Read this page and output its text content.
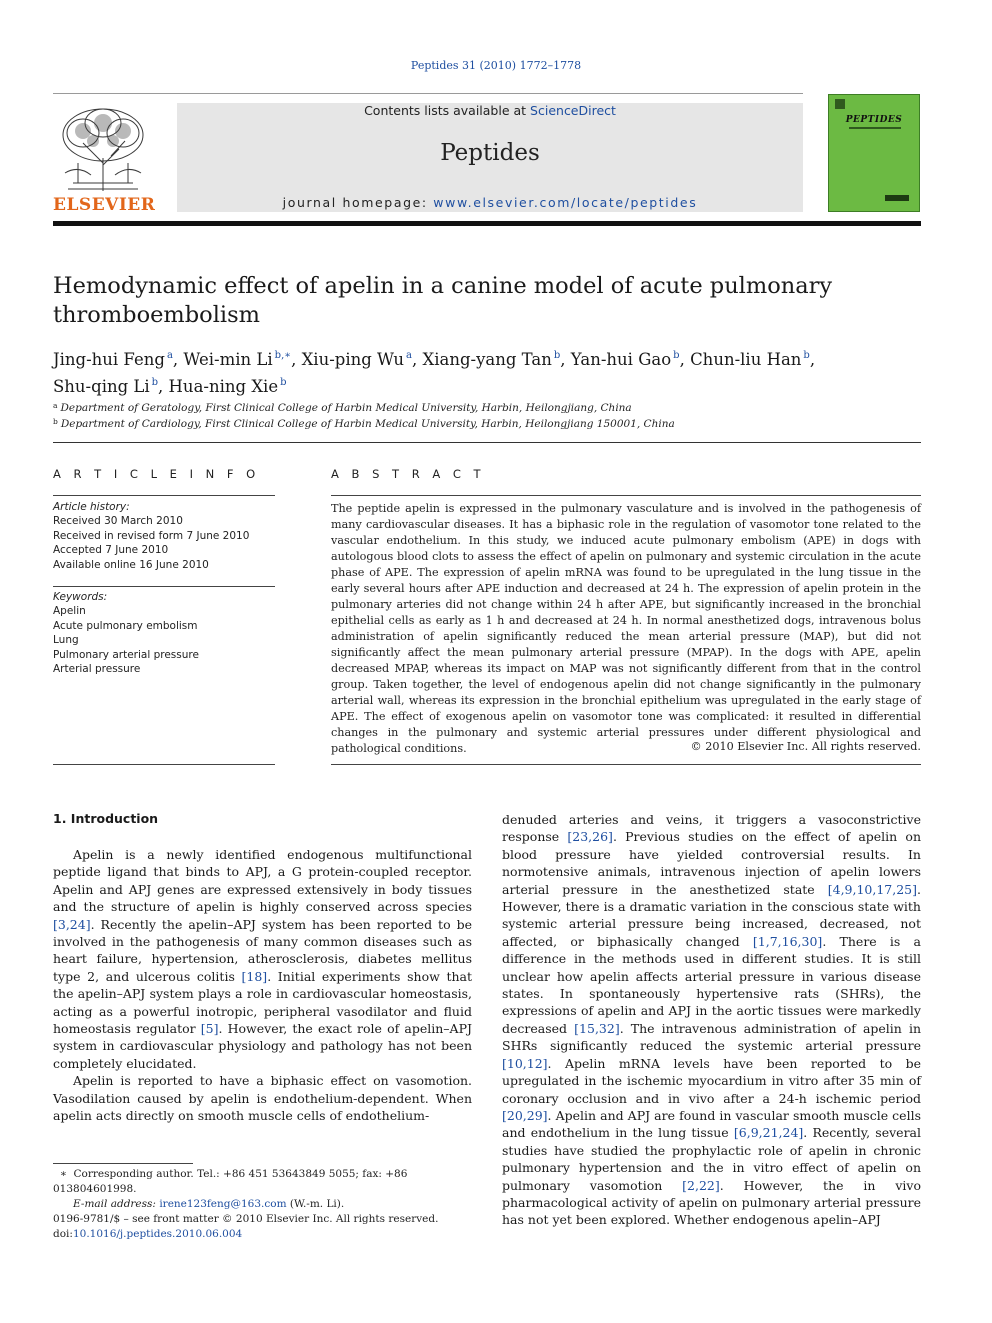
Peptides 31 (2010) 1772–1778
ELSEVIER
Contents lists available at ScienceDirect
Peptides
journal homepage: www.elsevier.com/locate/peptides
PEPTIDES
Hemodynamic effect of apelin in a canine model of acute pulmonary thromboembolism
Jing-hui Feng $^a$, Wei-min Li $^{b,∗}$, Xiu-ping Wu $^a$, Xiang-yang Tan $^b$, Yan-hui Gao $^b$, Chun-liu Han $^b$,
Shu-qing Li $^b$, Hua-ning Xie $^b$
$^a$ Department of Geratology, First Clinical College of Harbin Medical University, Harbin, Heilongjiang, China
$^b$ Department of Cardiology, First Clinical College of Harbin Medical University, Harbin, Heilongjiang 150001, China
A R T I C L E I N F O
Article history:
Received 30 March 2010
Received in revised form 7 June 2010
Accepted 7 June 2010
Available online 16 June 2010
Keywords:
Apelin
Acute pulmonary embolism
Lung
Pulmonary arterial pressure
Arterial pressure
A B S T R A C T
The peptide apelin is expressed in the pulmonary vasculature and is involved in the pathogenesis of many cardiovascular diseases. It has a biphasic role in the regulation of vasomotor tone related to the vascular endothelium. In this study, we induced acute pulmonary embolism (APE) in dogs with autologous blood clots to assess the effect of apelin on pulmonary and systemic circulation in the acute phase of APE. The expression of apelin mRNA was found to be upregulated in the lung tissue in the early several hours after APE induction and decreased at 24 h. The expression of apelin protein in the pulmonary arteries did not change within 24 h after APE, but significantly increased in the bronchial epithelial cells as early as 1 h and decreased at 24 h. In normal anesthetized dogs, intravenous bolus administration of apelin significantly reduced the mean arterial pressure (MAP), but did not significantly affect the mean pulmonary arterial pressure (MPAP). In the dogs with APE, apelin decreased MPAP, whereas its impact on MAP was not significantly different from that in the control group. Taken together, the level of endogenous apelin did not change significantly in the pulmonary arterial wall, whereas its expression in the bronchial epithelium was upregulated in the early stage of APE. The effect of exogenous apelin on vasomotor tone was complicated: it resulted in differential changes in the pulmonary and systemic arterial pressures under different physiological and pathological conditions.	© 2010 Elsevier Inc. All rights reserved.
1. Introduction

Apelin is a newly identified endogenous multifunctional peptide ligand that binds to APJ, a G protein-coupled receptor. Apelin and APJ genes are expressed extensively in body tissues and the structure of apelin is highly conserved across species [3,24]. Recently the apelin–APJ system has been reported to be involved in the pathogenesis of many common diseases such as heart failure, hypertension, atherosclerosis, diabetes mellitus type 2, and ulcerous colitis [18]. Initial experiments show that the apelin–APJ system plays a role in cardiovascular homeostasis, acting as a powerful inotropic, peripheral vasodilator and fluid homeostasis regulator [5]. However, the exact role of apelin–APJ system in cardiovascular physiology and pathology has not been completely elucidated.

Apelin is reported to have a biphasic effect on vasomotion. Vasodilation caused by apelin is endothelium-dependent. When apelin acts directly on smooth muscle cells of endothelium-

denuded arteries and veins, it triggers a vasoconstrictive response [23,26]. Previous studies on the effect of apelin on blood pressure have yielded controversial results. In normotensive animals, intravenous injection of apelin lowers arterial pressure in the anesthetized state [4,9,10,17,25]. However, there is a dramatic variation in the conscious state with systemic arterial pressure being increased, decreased, not affected, or biphasically changed [1,7,16,30]. There is a difference in the methods used in different studies. It is still unclear how apelin affects arterial pressure in various disease states. In spontaneously hypertensive rats (SHRs), the expressions of apelin and APJ in the aortic tissues were markedly decreased [15,32]. The intravenous administration of apelin in SHRs significantly reduced the systemic arterial pressure [10,12]. Apelin mRNA levels have been reported to be upregulated in the ischemic myocardium in vitro after 35 min of coronary occlusion and in vivo after a 24-h ischemic period [20,29]. Apelin and APJ are found in vascular smooth muscle cells and endothelium in the lung tissue [6,9,21,24]. Recently, several studies have studied the prophylactic role of apelin in chronic pulmonary hypertension and the in vitro effect of apelin on pulmonary vasomotion [2,22]. However, the in vivo pharmacological activity of apelin on pulmonary arterial pressure has not yet been explored. Whether endogenous apelin–APJ

∗ Corresponding author. Tel.: +86 451 53643849 5055; fax: +86 013804601998.
E-mail address: irene123feng@163.com (W.-m. Li).
0196-9781/$ – see front matter © 2010 Elsevier Inc. All rights reserved.
doi:10.1016/j.peptides.2010.06.004
